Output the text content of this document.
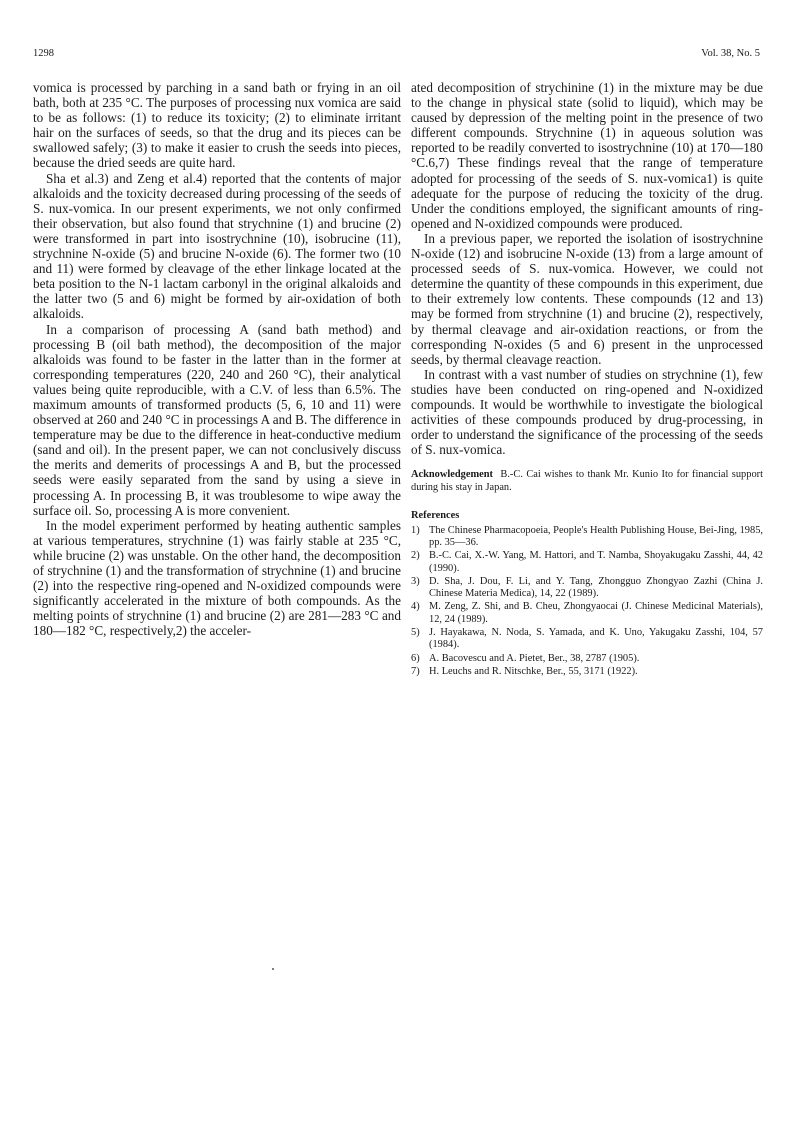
1298	Vol. 38, No. 5

vomica is processed by parching in a sand bath or frying in an oil bath, both at 235 °C. The purposes of processing nux vomica are said to be as follows: (1) to reduce its toxicity; (2) to eliminate irritant hair on the surfaces of seeds, so that the drug and its pieces can be swallowed safely; (3) to make it easier to crush the seeds into pieces, because the dried seeds are quite hard.

Sha et al.3) and Zeng et al.4) reported that the contents of major alkaloids and the toxicity decreased during processing of the seeds of S. nux-vomica. In our present experiments, we not only confirmed their observation, but also found that strychnine (1) and brucine (2) were transformed in part into isostrychnine (10), isobrucine (11), strychnine N-oxide (5) and brucine N-oxide (6). The former two (10 and 11) were formed by cleavage of the ether linkage located at the beta position to the N-1 lactam carbonyl in the original alkaloids and the latter two (5 and 6) might be formed by air-oxidation of both alkaloids.

In a comparison of processing A (sand bath method) and processing B (oil bath method), the decomposition of the major alkaloids was found to be faster in the latter than in the former at corresponding temperatures (220, 240 and 260 °C), their analytical values being quite reproducible, with a C.V. of less than 6.5%. The maximum amounts of transformed products (5, 6, 10 and 11) were observed at 260 and 240 °C in processings A and B. The difference in temperature may be due to the difference in heat-conductive medium (sand and oil). In the present paper, we can not conclusively discuss the merits and demerits of processings A and B, but the processed seeds were easily separated from the sand by using a sieve in processing A. In processing B, it was troublesome to wipe away the surface oil. So, processing A is more convenient.

In the model experiment performed by heating authentic samples at various temperatures, strychnine (1) was fairly stable at 235 °C, while brucine (2) was unstable. On the other hand, the decomposition of strychnine (1) and the transformation of strychnine (1) and brucine (2) into the respective ring-opened and N-oxidized compounds were significantly accelerated in the mixture of both compounds. As the melting points of strychnine (1) and brucine (2) are 281—283 °C and 180—182 °C, respectively,2) the acceler-

ated decomposition of strychinine (1) in the mixture may be due to the change in physical state (solid to liquid), which may be caused by depression of the melting point in the presence of two different compounds. Strychnine (1) in aqueous solution was reported to be readily converted to isostrychnine (10) at 170—180 °C.6,7) These findings reveal that the range of temperature adopted for processing of the seeds of S. nux-vomica1) is quite adequate for the purpose of reducing the toxicity of the drug. Under the conditions employed, the significant amounts of ring-opened and N-oxidized compounds were produced.

In a previous paper, we reported the isolation of isostrychnine N-oxide (12) and isobrucine N-oxide (13) from a large amount of processed seeds of S. nux-vomica. However, we could not determine the quantity of these compounds in this experiment, due to their extremely low contents. These compounds (12 and 13) may be formed from strychnine (1) and brucine (2), respectively, by thermal cleavage and air-oxidation reactions, or from the corresponding N-oxides (5 and 6) present in the unprocessed seeds, by thermal cleavage reaction.

In contrast with a vast number of studies on strychnine (1), few studies have been conducted on ring-opened and N-oxidized compounds. It would be worthwhile to investigate the biological activities of these compounds produced by drug-processing, in order to understand the significance of the processing of the seeds of S. nux-vomica.

Acknowledgement B.-C. Cai wishes to thank Mr. Kunio Ito for financial support during his stay in Japan.
References
1) The Chinese Pharmacopoeia, People's Health Publishing House, Bei-Jing, 1985, pp. 35—36.
2) B.-C. Cai, X.-W. Yang, M. Hattori, and T. Namba, Shoyakugaku Zasshi, 44, 42 (1990).
3) D. Sha, J. Dou, F. Li, and Y. Tang, Zhongguo Zhongyao Zazhi (China J. Chinese Materia Medica), 14, 22 (1989).
4) M. Zeng, Z. Shi, and B. Cheu, Zhongyaocai (J. Chinese Medicinal Materials), 12, 24 (1989).
5) J. Hayakawa, N. Noda, S. Yamada, and K. Uno, Yakugaku Zasshi, 104, 57 (1984).
6) A. Bacovescu and A. Pietet, Ber., 38, 2787 (1905).
7) H. Leuchs and R. Nitschke, Ber., 55, 3171 (1922).
